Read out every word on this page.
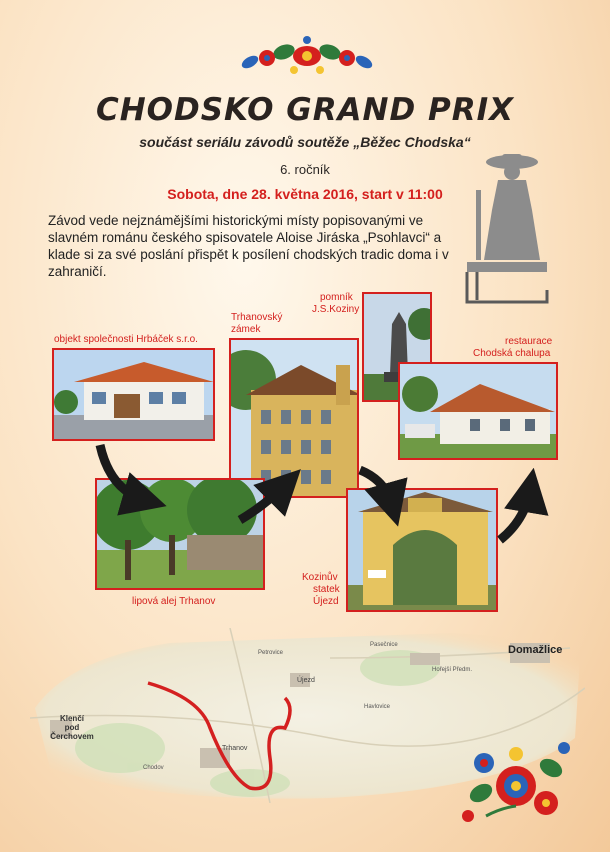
CHODSKO GRAND PRIX
součást seriálu závodů soutěže „Běžec Chodska“
6. ročník
Sobota, dne 28. května 2016, start v 11:00
Závod vede nejznámějšími historickými místy popisovanými ve slavném románu českého spisovatele Aloise Jiráska „Psohlavci“ a klade si za své poslání přispět k posílení chodských tradic doma i v zahraničí.
objekt společnosti Hrbáček s.r.o.
Trhanovský
zámek
pomník
J.S.Koziny
restaurace
Chodská chalupa
lipová alej Trhanov
Kozinův
statek
Újezd
Domažlice
Klenčí
pod Čerchovem
Trhanov
Újezd
Havlovice
Chodov
Pasečnice
Petrovice
Hořejší Předm.
